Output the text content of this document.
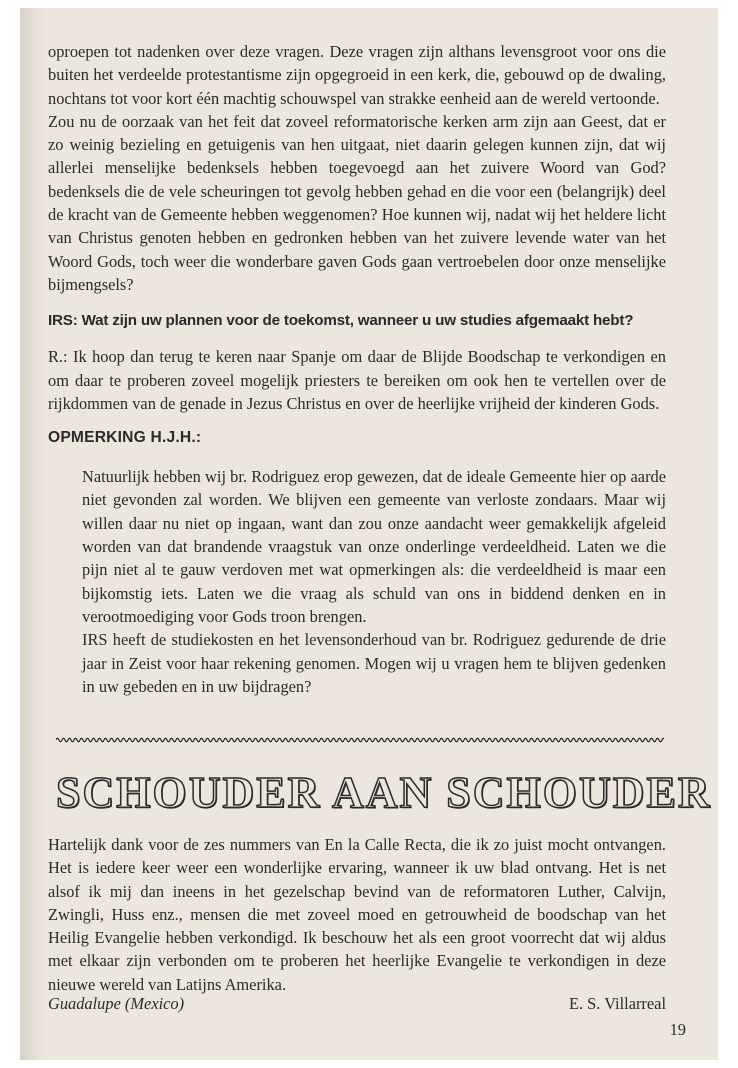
oproepen tot nadenken over deze vragen. Deze vragen zijn althans levensgroot voor ons die buiten het verdeelde protestantisme zijn opgegroeid in een kerk, die, gebouwd op de dwaling, nochtans tot voor kort één machtig schouwspel van strakke eenheid aan de wereld vertoonde.

Zou nu de oorzaak van het feit dat zoveel reformatorische kerken arm zijn aan Geest, dat er zo weinig bezieling en getuigenis van hen uitgaat, niet daarin gelegen kunnen zijn, dat wij allerlei menselijke bedenksels hebben toegevoegd aan het zuivere Woord van God? bedenksels die de vele scheuringen tot gevolg hebben gehad en die voor een (belangrijk) deel de kracht van de Gemeente hebben weggenomen? Hoe kunnen wij, nadat wij het heldere licht van Christus genoten hebben en gedronken hebben van het zuivere levende water van het Woord Gods, toch weer die wonderbare gaven Gods gaan vertroebelen door onze menselijke bijmengsels?

IRS: Wat zijn uw plannen voor de toekomst, wanneer u uw studies afgemaakt hebt?

R.: Ik hoop dan terug te keren naar Spanje om daar de Blijde Boodschap te verkondigen en om daar te proberen zoveel mogelijk priesters te bereiken om ook hen te vertellen over de rijkdommen van de genade in Jezus Christus en over de heerlijke vrijheid der kinderen Gods.

OPMERKING H.J.H.:

Natuurlijk hebben wij br. Rodriguez erop gewezen, dat de ideale Gemeente hier op aarde niet gevonden zal worden. We blijven een gemeente van verloste zondaars. Maar wij willen daar nu niet op ingaan, want dan zou onze aandacht weer gemakkelijk afgeleid worden van dat brandende vraagstuk van onze onderlinge verdeeldheid. Laten we die pijn niet al te gauw verdoven met wat opmerkingen als: die verdeeldheid is maar een bijkomstig iets. Laten we die vraag als schuld van ons in biddend denken en in verootmoediging voor Gods troon brengen.

IRS heeft de studiekosten en het levensonderhoud van br. Rodriguez gedurende de drie jaar in Zeist voor haar rekening genomen. Mogen wij u vragen hem te blijven gedenken in uw gebeden en in uw bijdragen?

SCHOUDER AAN SCHOUDER

Hartelijk dank voor de zes nummers van En la Calle Recta, die ik zo juist mocht ontvangen. Het is iedere keer weer een wonderlijke ervaring, wanneer ik uw blad ontvang. Het is net alsof ik mij dan ineens in het gezelschap bevind van de reformatoren Luther, Calvijn, Zwingli, Huss enz., mensen die met zoveel moed en getrouwheid de boodschap van het Heilig Evangelie hebben verkondigd. Ik beschouw het als een groot voorrecht dat wij aldus met elkaar zijn verbonden om te proberen het heerlijke Evangelie te verkondigen in deze nieuwe wereld van Latijns Amerika.

Guadalupe (Mexico)	E. S. Villarreal
19
